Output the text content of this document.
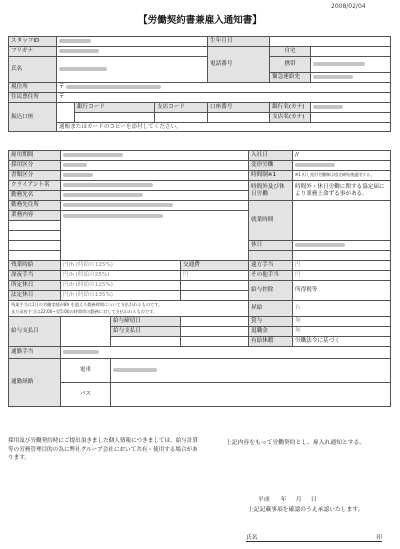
2008/02/04
【労働契約書兼雇入通知書】
スタッフID				生年月日		
フリガナ				電話番号	自宅	
氏名					携帯	
					緊急連絡先	
現住所	〒					
住民票住所	〒					
振込口座		銀行コード	支店コード	口座番号	銀行名(カナ)	
					支店名(カナ)	
	通帳またはカードのコピーを添付してください。					
雇用期間				入社日	//
採用区分				変形労働	
書類区分				時間制※1	※1 但し変形労働制は協定締結後適用する。
クライアント名				時間外及び休日労働	時間外・休日労働に関する協定届により業務上命ずる事がある。
勤務先名					
勤務先住所				就業時間	
業務内容					

				休日	

残業時給	円/h (時給の125%)		交通費	遠方手当	円
深夜手当	円/h (時給の25%)		円	その他手当	円
所定休日	円/h (時給の125%)			給与控除	所得税等
法定休日	円/h (時給の135%)				
残業手当は1日の労働実績が8h を超える勤務時間について支払われるものです。
また深夜手当は22:00~翌5:00の時間帯の勤務に対して支払われるものです。				昇給	有
給与支払日		給与締切日		賞与	無
		給与支払日		退職金	無
				有給休暇	労働法令に基づく
通勤手当					
通勤経路	電車				
	バス				
採用及び労働契約時にご提出頂きました個人情報につきましては、給与計算等の労務管理目的の為に弊社グループ会社において共有・使用する場合があります。
上記内容をもって労働契約とし、雇入れ通知とする。
平成 年 月 日
上記記載事項を確認のうえ承認いたします。
氏名	印
